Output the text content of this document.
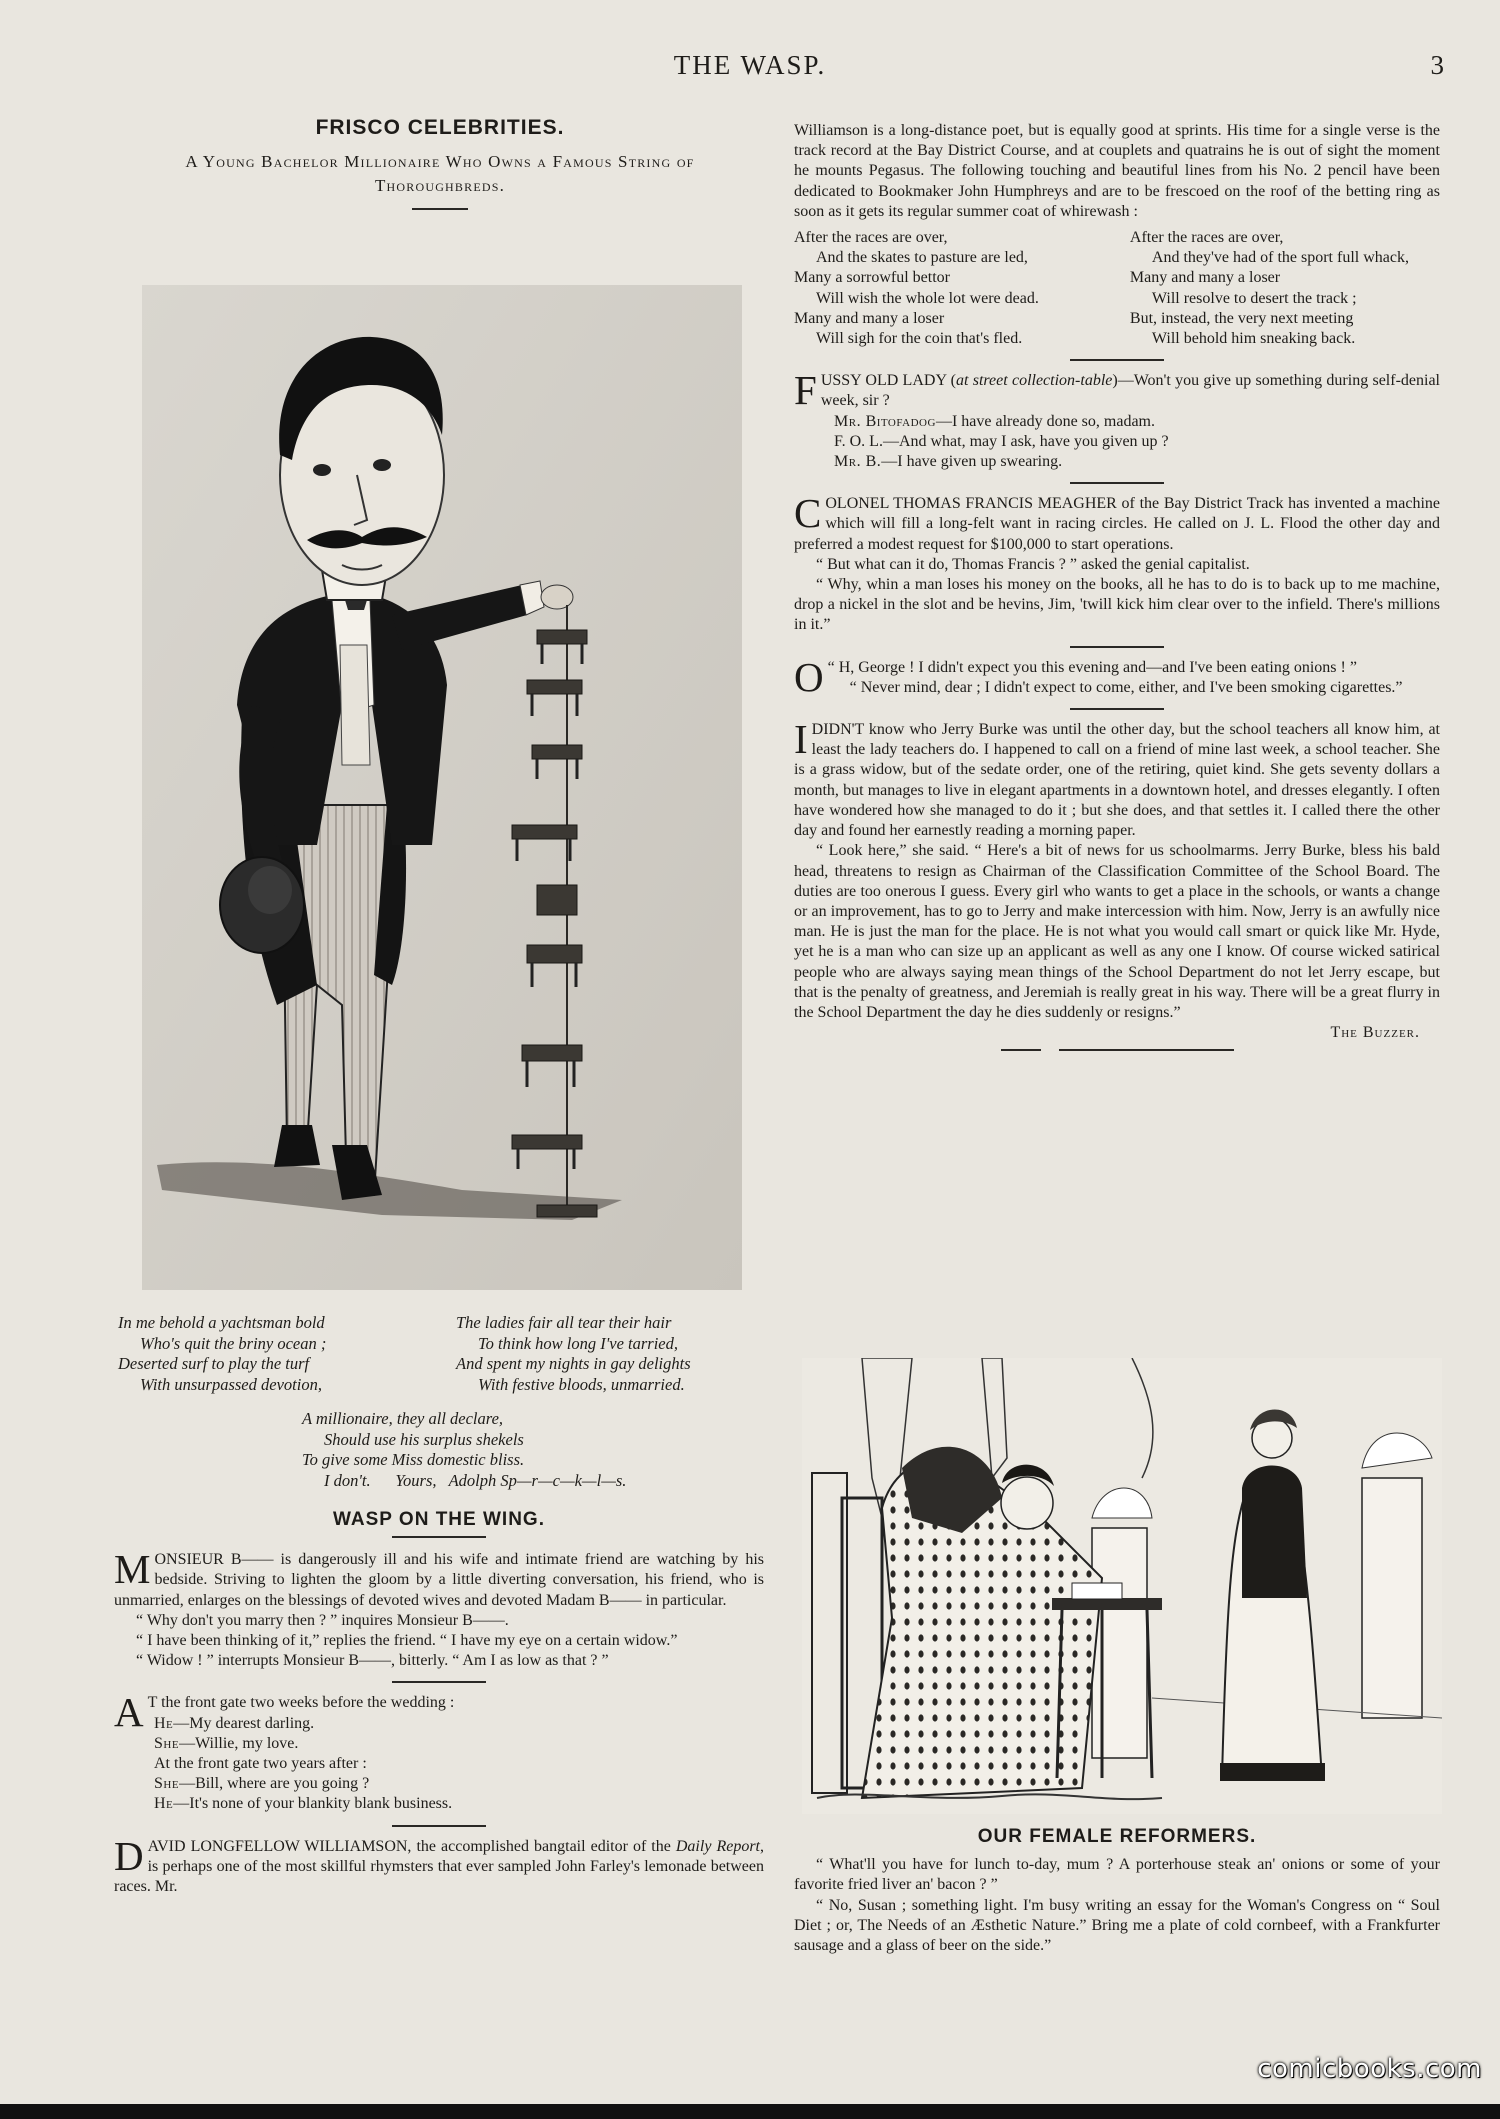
THE WASP.	3
FRISCO CELEBRITIES.
A Young Bachelor Millionaire Who Owns a Famous String of Thoroughbreds.
In me behold a yachtsman bold
Who's quit the briny ocean ;
Deserted surf to play the turf
With unsurpassed devotion,
The ladies fair all tear their hair
To think how long I've tarried,
And spent my nights in gay delights
With festive bloods, unmarried.
A millionaire, they all declare,
Should use his surplus shekels
To give some Miss domestic bliss.
I don't.      Yours,   Adolph Sp—r—c—k—l—s.
WASP ON THE WING.

MONSIEUR B—— is dangerously ill and his wife and intimate friend are watching by his bedside. Striving to lighten the gloom by a little diverting conversation, his friend, who is unmarried, enlarges on the blessings of devoted wives and devoted Madam B—— in particular.

“ Why don't you marry then ? ” inquires Monsieur B——.

“ I have been thinking of it,” replies the friend. “ I have my eye on a certain widow.”

“ Widow ! ” interrupts Monsieur B——, bitterly. “ Am I as low as that ? ”

A T the front gate two weeks before the wedding :

He—My dearest darling.
She—Willie, my love.
At the front gate two years after :
She—Bill, where are you going ?
He—It's none of your blankity blank business.

DAVID LONGFELLOW WILLIAMSON, the accomplished bangtail editor of the Daily Report, is perhaps one of the most skillful rhymsters that ever sampled John Farley's lemonade between races. Mr.

Williamson is a long-distance poet, but is equally good at sprints. His time for a single verse is the track record at the Bay District Course, and at couplets and quatrains he is out of sight the moment he mounts Pegasus. The following touching and beautiful lines from his No. 2 pencil have been dedicated to Bookmaker John Humphreys and are to be frescoed on the roof of the betting ring as soon as it gets its regular summer coat of whirewash :

After the races are over,
And the skates to pasture are led,
Many a sorrowful bettor
Will wish the whole lot were dead.
Many and many a loser
Will sigh for the coin that's fled.
After the races are over,
And they've had of the sport full whack,
Many and many a loser
Will resolve to desert the track ;
But, instead, the very next meeting
Will behold him sneaking back.

FUSSY OLD LADY (at street collection-table)—Won't you give up something during self-denial week, sir ?

Mr. Bitofadog—I have already done so, madam.
F. O. L.—And what, may I ask, have you given up ?
Mr. B.—I have given up swearing.

COLONEL THOMAS FRANCIS MEAGHER of the Bay District Track has invented a machine which will fill a long-felt want in racing circles. He called on J. L. Flood the other day and preferred a modest request for $100,000 to start operations.

“ But what can it do, Thomas Francis ? ” asked the genial capitalist.

“ Why, whin a man loses his money on the books, all he has to do is to back up to me machine, drop a nickel in the slot and be hevins, Jim, 'twill kick him clear over to the infield. There's millions in it.”

“
O H, George ! I didn't expect you this evening and—and I've been eating onions ! ”

“ Never mind, dear ; I didn't expect to come, either, and I've been smoking cigarettes.”

IDIDN'T know who Jerry Burke was until the other day, but the school teachers all know him, at least the lady teachers do. I happened to call on a friend of mine last week, a school teacher. She is a grass widow, but of the sedate order, one of the retiring, quiet kind. She gets seventy dollars a month, but manages to live in elegant apartments in a downtown hotel, and dresses elegantly. I often have wondered how she managed to do it ; but she does, and that settles it. I called there the other day and found her earnestly reading a morning paper.

“ Look here,” she said. “ Here's a bit of news for us schoolmarms. Jerry Burke, bless his bald head, threatens to resign as Chairman of the Classification Committee of the School Board. The duties are too onerous I guess. Every girl who wants to get a place in the schools, or wants a change or an improvement, has to go to Jerry and make intercession with him. Now, Jerry is an awfully nice man. He is just the man for the place. He is not what you would call smart or quick like Mr. Hyde, yet he is a man who can size up an applicant as well as any one I know. Of course wicked satirical people who are always saying mean things of the School Department do not let Jerry escape, but that is the penalty of greatness, and Jeremiah is really great in his way. There will be a great flurry in the School Department the day he dies suddenly or resigns.”

The Buzzer.
OUR FEMALE REFORMERS.

“ What'll you have for lunch to-day, mum ? A porterhouse steak an' onions or some of your favorite fried liver an' bacon ? ”

“ No, Susan ; something light. I'm busy writing an essay for the Woman's Congress on “ Soul Diet ; or, The Needs of an Æsthetic Nature.” Bring me a plate of cold cornbeef, with a Frankfurter sausage and a glass of beer on the side.”

comicbooks.com
